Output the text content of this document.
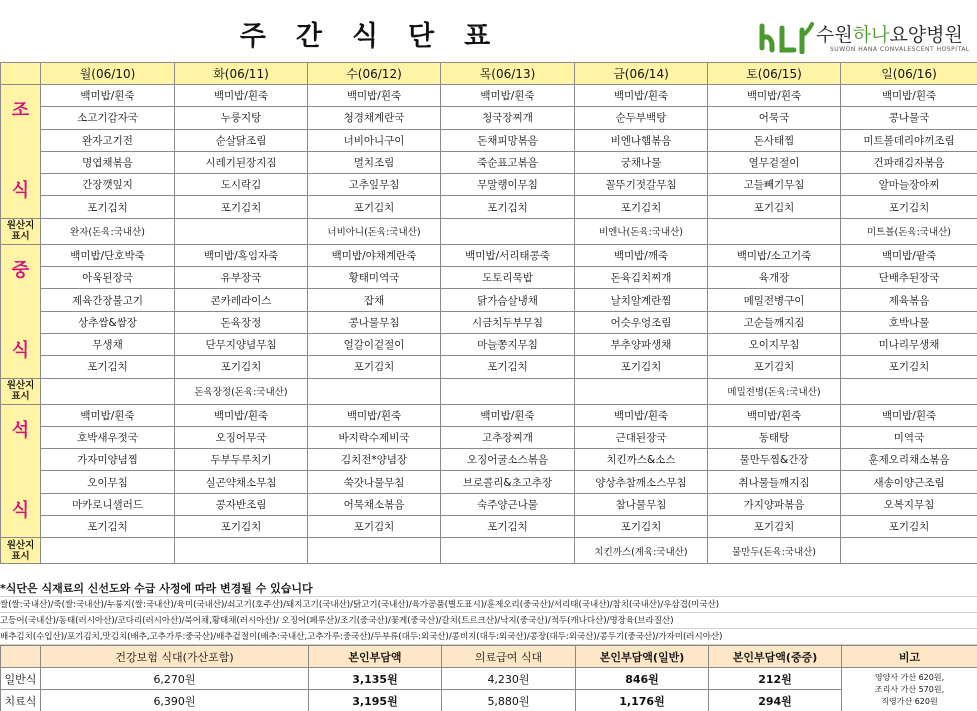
주간식단표	수원하나요양병원
SUWON HANA CONVALESCENT HOSPITAL
	월(06/10)	화(06/11)	수(06/12)	목(06/13)	금(06/14)	토(06/15)	일(06/16)
조

식	백미밥/흰죽	백미밥/흰죽	백미밥/흰죽	백미밥/흰죽	백미밥/흰죽	백미밥/흰죽	백미밥/흰죽
	소고기감자국	누룽지탕	청경채계란국	청국장찌개	순두부백탕	어묵국	콩나물국
	완자고기전	순살닭조림	너비아니구이	돈채피망볶음	비엔나햄볶음	돈사태찜	미트볼데리야끼조림
	명엽채볶음	시레기된장지짐	멸치조림	죽순표고볶음	궁채나물	열무겉절이	건파래김자볶음
	간장깻잎지	도시락김	고추잎무침	무말랭이무침	꼴뚜기젓갈무침	고들빼기무침	알마늘장아찌
	포기김치	포기김치	포기김치	포기김치	포기김치	포기김치	포기김치
원산지
표시	완자(돈육:국내산)		너비아니(돈육:국내산)		비엔나(돈육:국내산)		미트볼(돈육:국내산)
중

식	백미밥/단호박죽	백미밥/흑임자죽	백미밥/야채계란죽	백미밥/서리태콩죽	백미밥/깨죽	백미밥/소고기죽	백미밥/팥죽
	아욱된장국	유부장국	황태미역국	도토리묵밥	돈육김치찌개	육개장	단배추된장국
	제육간장불고기	콘카레라이스	잡채	닭가슴살냉채	날치알계란찜	메밀전병구이	제육볶음
	상추쌈&쌈장	돈육장정	콩나물무침	시금치두부무침	어슷우엉조림	고순들깨지짐	호박나물
	무생채	단무지양념무침	얼갈이겉절이	마늘쫑지무침	부추양파생채	오이지무침	미나리무생채
	포기김치	포기김치	포기김치	포기김치	포기김치	포기김치	포기김치
원산지
표시		돈육장정(돈육:국내산)				메밀전병(돈육:국내산)	
석

식	백미밥/흰죽	백미밥/흰죽	백미밥/흰죽	백미밥/흰죽	백미밥/흰죽	백미밥/흰죽	백미밥/흰죽
	호박새우젓국	오징어무국	바지락수제비국	고추장찌개	근대된장국	동태탕	미역국
	가자미양념찜	두부두루치기	김치전*양념장	오징어굴소스볶음	치킨까스&소스	물만두찜&간장	훈제오리채소볶음
	오이무침	실곤약채소무침	쑥갓나물무침	브로콜리&초고추장	양상추참깨소스무침	취나물들깨지짐	새송이양근조림
	마카로니샐러드	콩자반조림	어묵채소볶음	숙주양근나물	참나물무침	가지양파볶음	오복지무침
	포기김치	포기김치	포기김치	포기김치	포기김치	포기김치	포기김치
원산지
표시					치킨까스(계육:국내산)	물만두(돈육:국내산)	
*식단은 식재료의 신선도와 수급 사정에 따라 변경될 수 있습니다
쌀(쌀:국내산)/죽(쌀:국내산)/누룽지(쌀:국내산)/육미(국내산)/쇠고기(호주산)/돼지고기(국내산)/닭고기(국내산)/육가공품(별도표시)/훈제오리(중국산)/서리태(국내산)/참치(국내산)/우삼겹(미국산)
고등어(국내산)/동태(러시아산)/코다리(러시아산)/북어채,황태채(러시아산)/ 오징어(페루산)/조기(중국산)/꽃게(중국산)/갈치(트르크산)/낙지(중국산)/적두(캐나다산)/명장육(브라질산)
배추김치(수입산)/포기김치,맛김치(배추,고추가루:중국산)/배추겉절이(배추:국내산,고추가루:중국산)/두부류(대두:외국산)/콩비지(대두:외국산)/콩장(대두:외국산)/콩두기(중국산)/가자미(러시아산)
	건강보험 식대(가산포함)	본인부담액	의료급여 식대	본인부담액(일반)	본인부담액(중증)	비고
일반식	6,270원	3,135원	4,230원	846원	212원	영양사 가산 620원,
조리사 가산 570원,
직영가산 620원
치료식	6,390원	3,195원	5,880원	1,176원	294원	
